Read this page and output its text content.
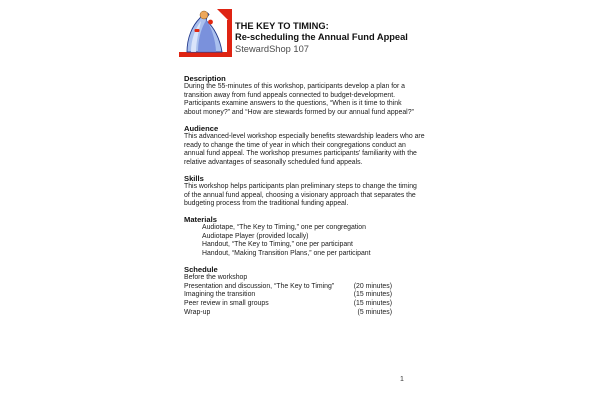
THE KEY TO TIMING:
Re-scheduling the Annual Fund Appeal
StewardShop 107
Description
During the 55-minutes of this workshop, participants develop a plan for a
transition away from fund appeals connected to budget-development.
Participants examine answers to the questions, “When is it time to think
about money?” and “How are stewards formed by our annual fund appeal?”
Audience
This advanced-level workshop especially benefits stewardship leaders who are
ready to change the time of year in which their congregations conduct an
annual fund appeal. The workshop presumes participants’ familiarity with the
relative advantages of seasonally scheduled fund appeals.
Skills
This workshop helps participants plan preliminary steps to change the timing
of the annual fund appeal, choosing a visionary approach that separates the
budgeting process from the traditional funding appeal.
Materials
Audiotape, “The Key to Timing,” one per congregation
Audiotape Player (provided locally)
Handout, “The Key to Timing,” one per participant
Handout, “Making Transition Plans,” one per participant
Schedule
Before the workshop
Presentation and discussion, “The Key to Timing”	(20 minutes)
Imagining the transition	(15 minutes)
Peer review in small groups	(15 minutes)
Wrap-up	(5 minutes)
1
